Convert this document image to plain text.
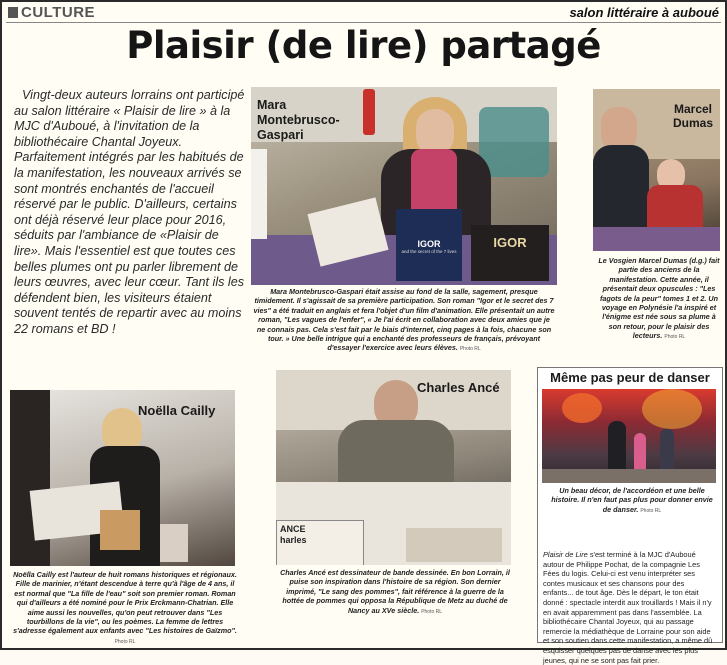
CULTURE	salon littéraire à auboué
Plaisir (de lire) partagé

Vingt-deux auteurs lorrains ont participé au salon littéraire « Plaisir de lire » à la MJC d'Auboué, à l'invitation de la bibliothécaire Chantal Joyeux. Parfaitement intégrés par les habitués de la manifestation, les nouveaux arrivés se sont montrés enchantés de l'accueil réservé par le public. D'ailleurs, certains ont déjà réservé leur place pour 2016, séduits par l'ambiance de «Plaisir de lire». Mais l'essentiel est que toutes ces belles plumes ont pu parler librement de leurs œuvres, avec leur cœur. Tant ils les défendent bien, les visiteurs étaient souvent tentés de repartir avec au moins 22 romans et BD !

IGOR
and the secret of the 7 lives
IGOR
Mara Montebrusco-Gaspari
Mara Montebrusco-Gaspari était assise au fond de la salle, sagement, presque timidement. Il s'agissait de sa première participation. Son roman "Igor et le secret des 7 vies" a été traduit en anglais et fera l'objet d'un film d'animation. Elle présentait un autre roman, "Les vagues de l'enfer", « Je l'ai écrit en collaboration avec deux amies que je ne connais pas. Cela s'est fait par le biais d'internet, cinq pages à la fois, chacune son tour. » Une belle intrigue qui a enchanté des professeurs de français, prévoyant d'essayer l'exercice avec leurs élèves. Photo RL
Marcel Dumas
Le Vosgien Marcel Dumas (d.g.) fait partie des anciens de la manifestation. Cette année, il présentait deux opuscules : "Les fagots de la peur" tomes 1 et 2. Un voyage en Polynésie l'a inspiré et l'énigme est née sous sa plume à son retour, pour le plaisir des lecteurs. Photo RL
Noëlla Cailly
Noëlla Cailly est l'auteur de huit romans historiques et régionaux. Fille de marinier, n'étant descendue à terre qu'à l'âge de 4 ans, il est normal que "La fille de l'eau" soit son premier roman. Roman qui d'ailleurs a été nominé pour le Prix Erckmann-Chatrian. Elle aime aussi les nouvelles, qu'on peut retrouver dans "Les tourbillons de la vie", ou les poèmes. La femme de lettres s'adresse également aux enfants avec "Les histoires de Gaïzmo". Photo RL
ANCE
harles
Charles Ancé
Charles Ancé est dessinateur de bande dessinée. En bon Lorrain, il puise son inspiration dans l'histoire de sa région. Son dernier imprimé, "Le sang des pommes", fait référence à la guerre de la hottée de pommes qui opposa la République de Metz au duché de Nancy au XVe siècle. Photo RL
Même pas peur de danser
Un beau décor, de l'accordéon et une belle histoire. Il n'en faut pas plus pour donner envie de danser. Photo RL
Plaisir de Lire s'est terminé à la MJC d'Auboué autour de Philippe Pochat, de la compagnie Les Fées du logis. Celui-ci est venu interpréter ses contes musicaux et ses chansons pour des enfants... de tout âge. Dès le départ, le ton était donné : spectacle interdit aux trouillards ! Mais il n'y en avait apparemment pas dans l'assemblée. La bibliothécaire Chantal Joyeux, qui au passage remercie la médiathèque de Lorraine pour son aide et son soutien dans cette manifestation, a même dû esquisser quelques pas de danse avec les plus jeunes, qui ne se sont pas fait prier.
